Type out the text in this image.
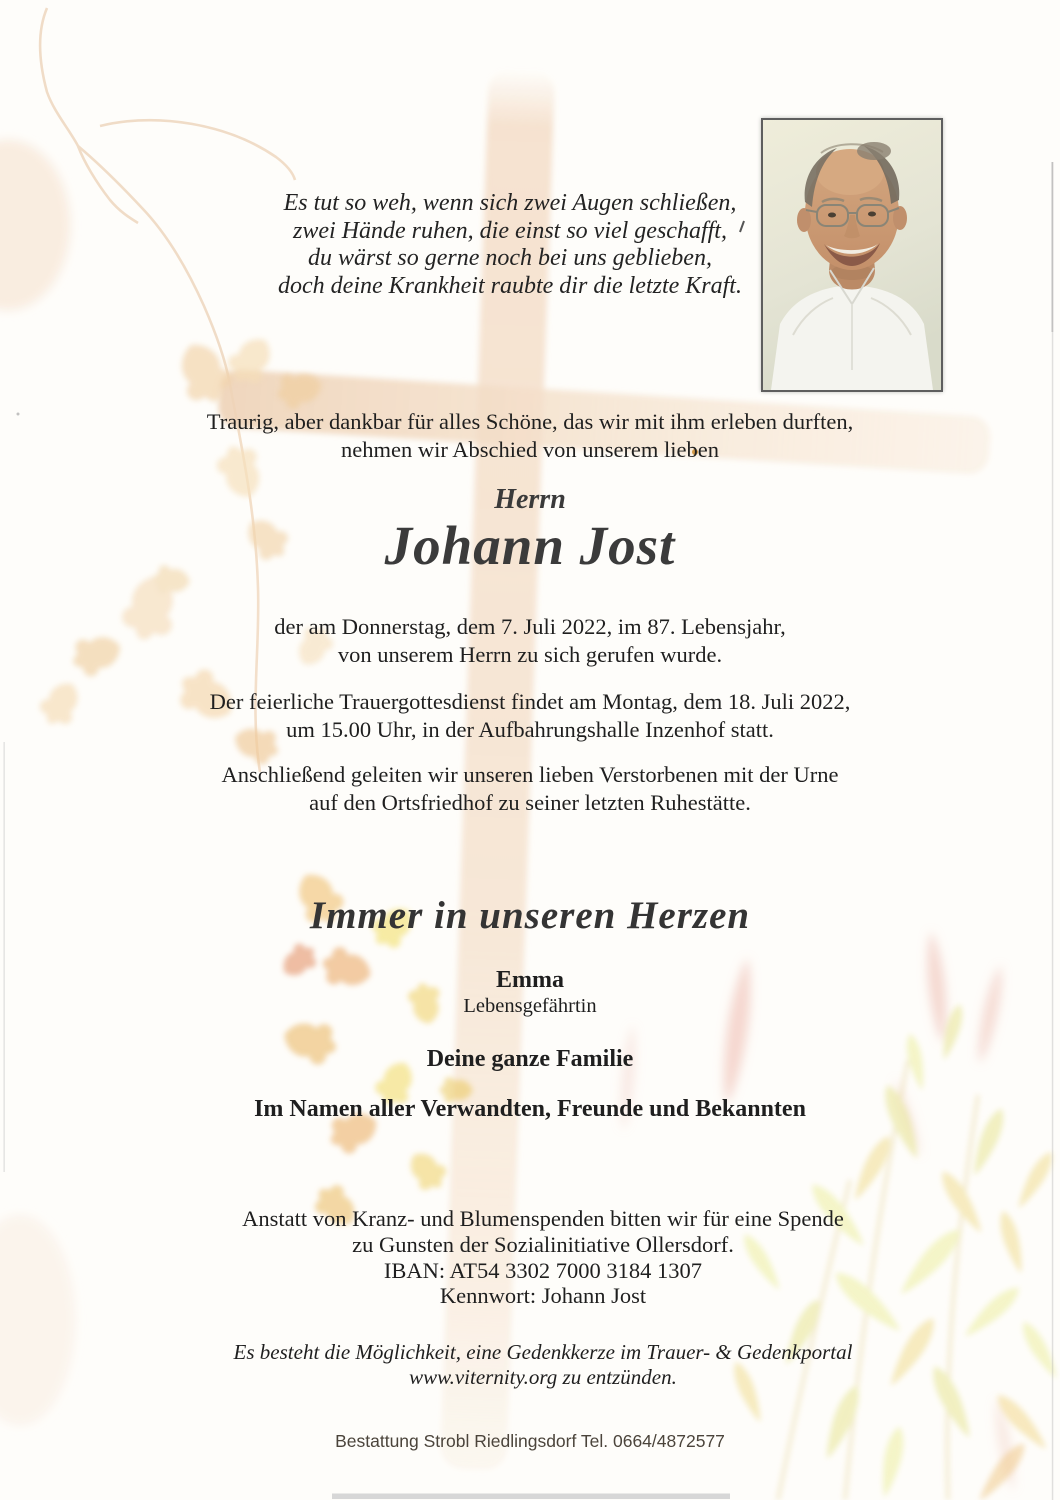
Es tut so weh, wenn sich zwei Augen schließen,
zwei Hände ruhen, die einst so viel geschafft,
du wärst so gerne noch bei uns geblieben,
doch deine Krankheit raubte dir die letzte Kraft.
Traurig, aber dankbar für alles Schöne, das wir mit ihm erleben durften,
nehmen wir Abschied von unserem lieben
Herrn
Johann Jost
der am Donnerstag, dem 7. Juli 2022, im 87. Lebensjahr,
von unserem Herrn zu sich gerufen wurde.
Der feierliche Trauergottesdienst findet am Montag, dem 18. Juli 2022,
um 15.00 Uhr, in der Aufbahrungshalle Inzenhof statt.
Anschließend geleiten wir unseren lieben Verstorbenen mit der Urne
auf den Ortsfriedhof zu seiner letzten Ruhestätte.
Immer in unseren Herzen
Emma
Lebensgefährtin
Deine ganze Familie
Im Namen aller Verwandten, Freunde und Bekannten
Anstatt von Kranz- und Blumenspenden bitten wir für eine Spende
zu Gunsten der Sozialinitiative Ollersdorf.
IBAN: AT54 3302 7000 3184 1307
Kennwort: Johann Jost
Es besteht die Möglichkeit, eine Gedenkkerze im Trauer- & Gedenkportal
www.viternity.org zu entzünden.
Bestattung Strobl Riedlingsdorf Tel. 0664/4872577
